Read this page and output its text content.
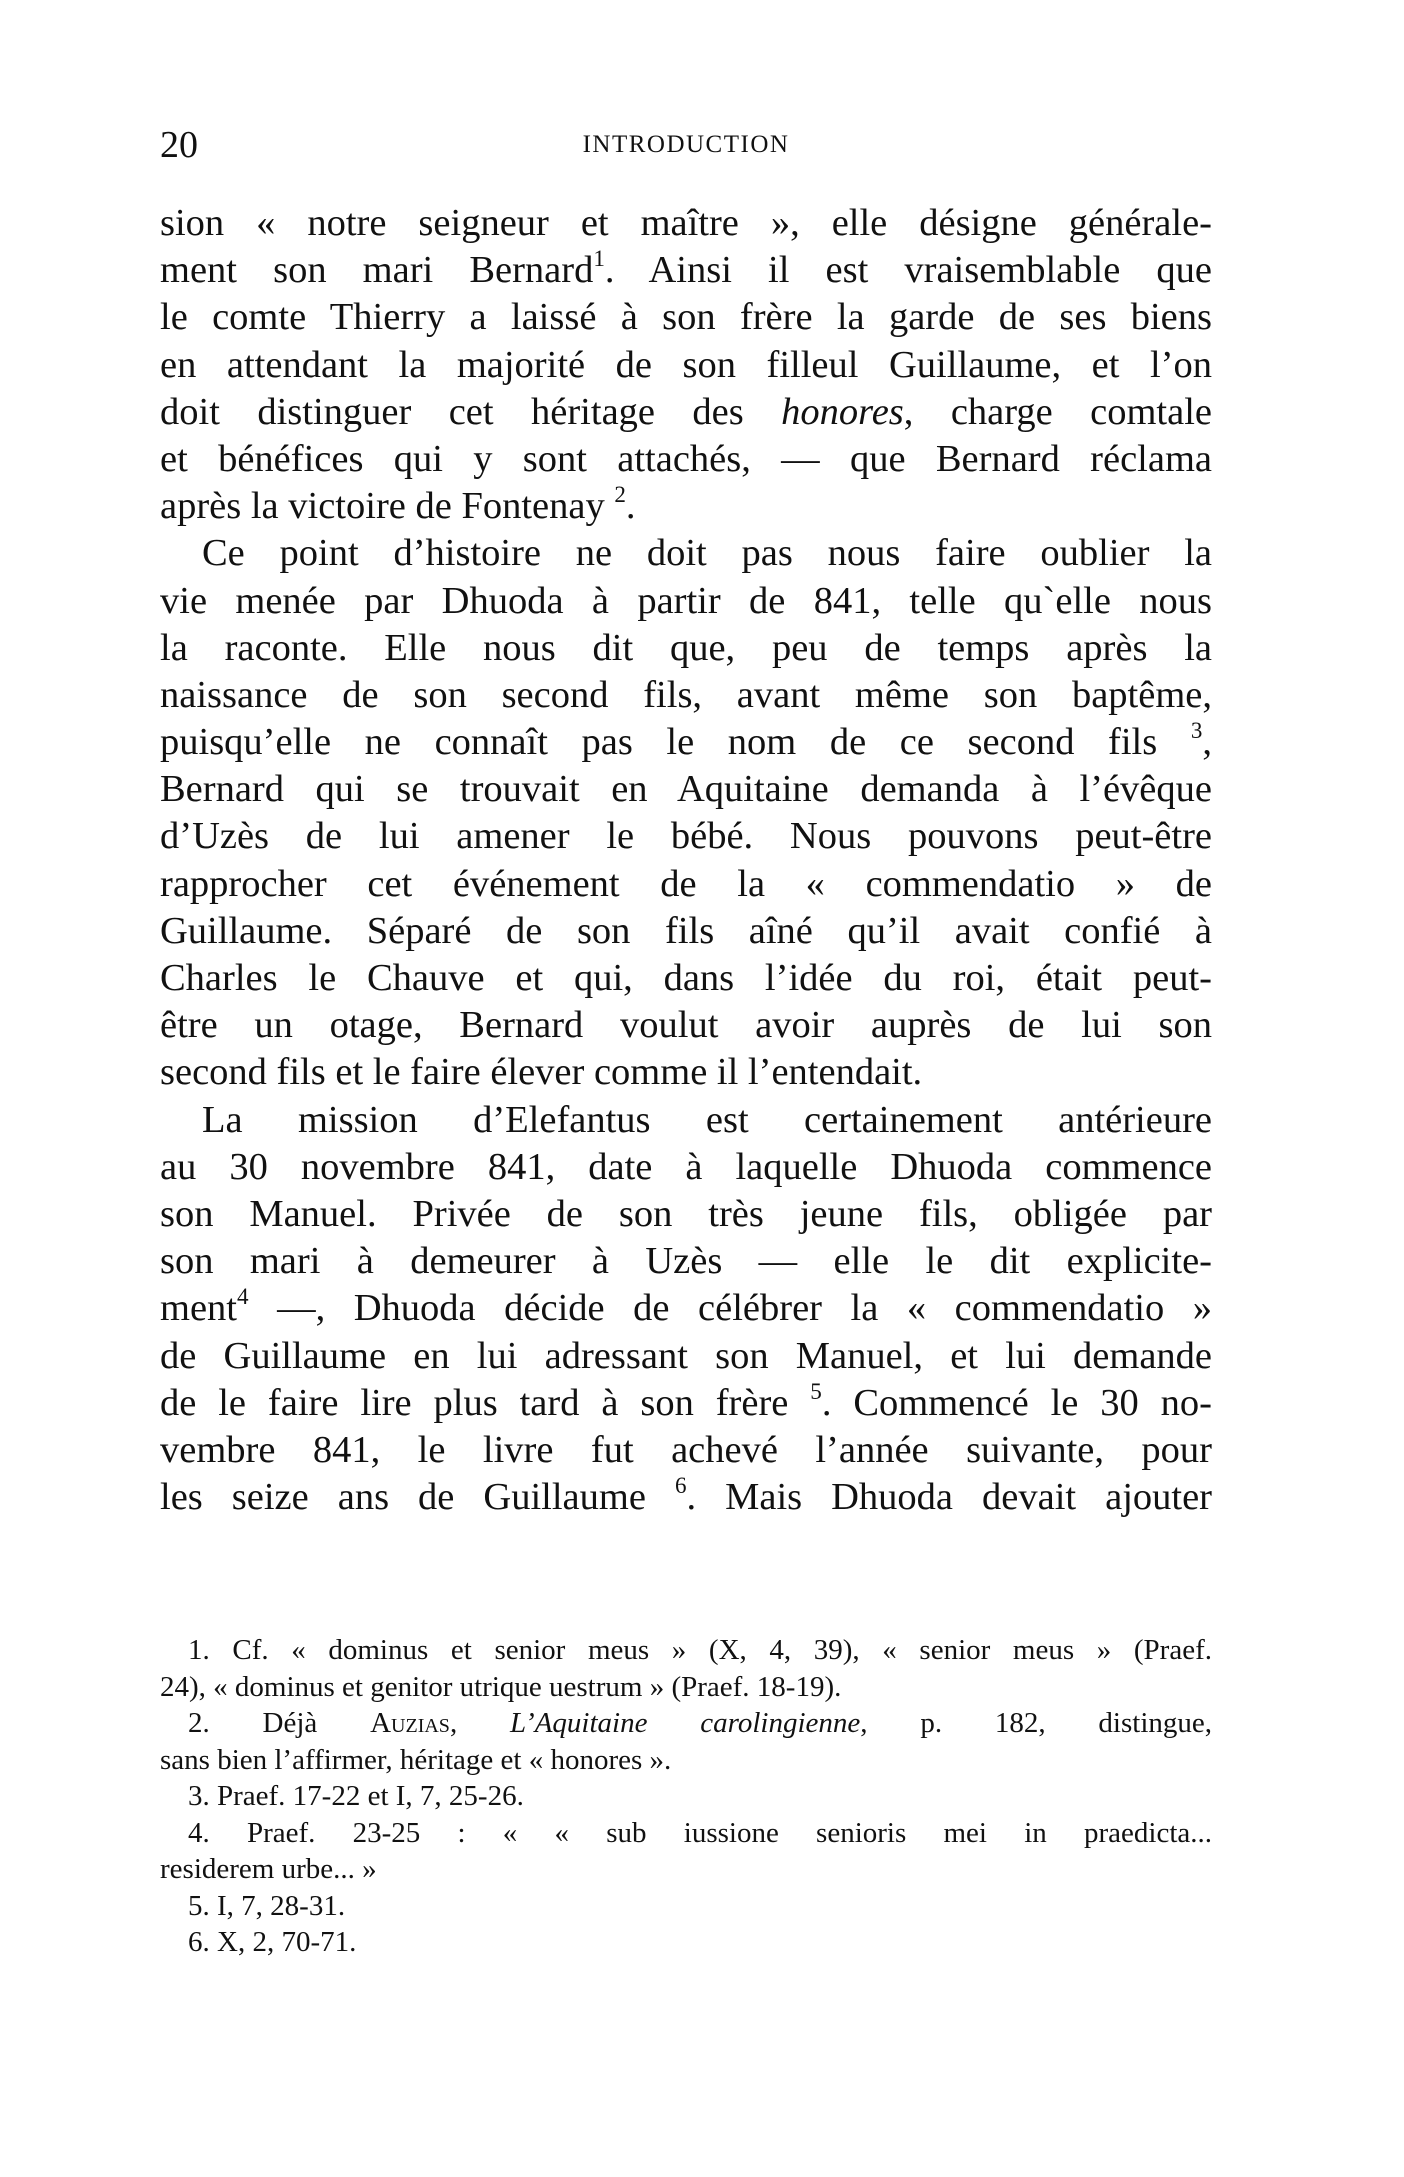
20	INTRODUCTION
sion « notre seigneur et maître », elle désigne générale-
ment son mari Bernard$^1$. Ainsi il est vraisemblable que
le comte Thierry a laissé à son frère la garde de ses biens
en attendant la majorité de son filleul Guillaume, et l’on
doit distinguer cet héritage des honores, charge comtale
et bénéfices qui y sont attachés, — que Bernard réclama
après la victoire de Fontenay $^2$.
Ce point d’histoire ne doit pas nous faire oublier la
vie menée par Dhuoda à partir de 841, telle qu`elle nous
la raconte. Elle nous dit que, peu de temps après la
naissance de son second fils, avant même son baptême,
puisqu’elle ne connaît pas le nom de ce second fils $^3$,
Bernard qui se trouvait en Aquitaine demanda à l’évêque
d’Uzès de lui amener le bébé. Nous pouvons peut-être
rapprocher cet événement de la « commendatio » de
Guillaume. Séparé de son fils aîné qu’il avait confié à
Charles le Chauve et qui, dans l’idée du roi, était peut-
être un otage, Bernard voulut avoir auprès de lui son
second fils et le faire élever comme il l’entendait.
La mission d’Elefantus est certainement antérieure
au 30 novembre 841, date à laquelle Dhuoda commence
son Manuel. Privée de son très jeune fils, obligée par
son mari à demeurer à Uzès — elle le dit explicite-
ment$^4$ —, Dhuoda décide de célébrer la « commendatio »
de Guillaume en lui adressant son Manuel, et lui demande
de le faire lire plus tard à son frère $^5$. Commencé le 30 no-
vembre 841, le livre fut achevé l’année suivante, pour
les seize ans de Guillaume $^6$. Mais Dhuoda devait ajouter
1. Cf. « dominus et senior meus » (X, 4, 39), « senior meus » (Praef.
24), « dominus et genitor utrique uestrum » (Praef. 18-19).
2. Déjà Auzias, L’Aquitaine carolingienne, p. 182, distingue,
sans bien l’affirmer, héritage et « honores ».
3. Praef. 17-22 et I, 7, 25-26.
4. Praef. 23-25 : « « sub iussione senioris mei in praedicta...
residerem urbe... »
5. I, 7, 28-31.
6. X, 2, 70-71.
